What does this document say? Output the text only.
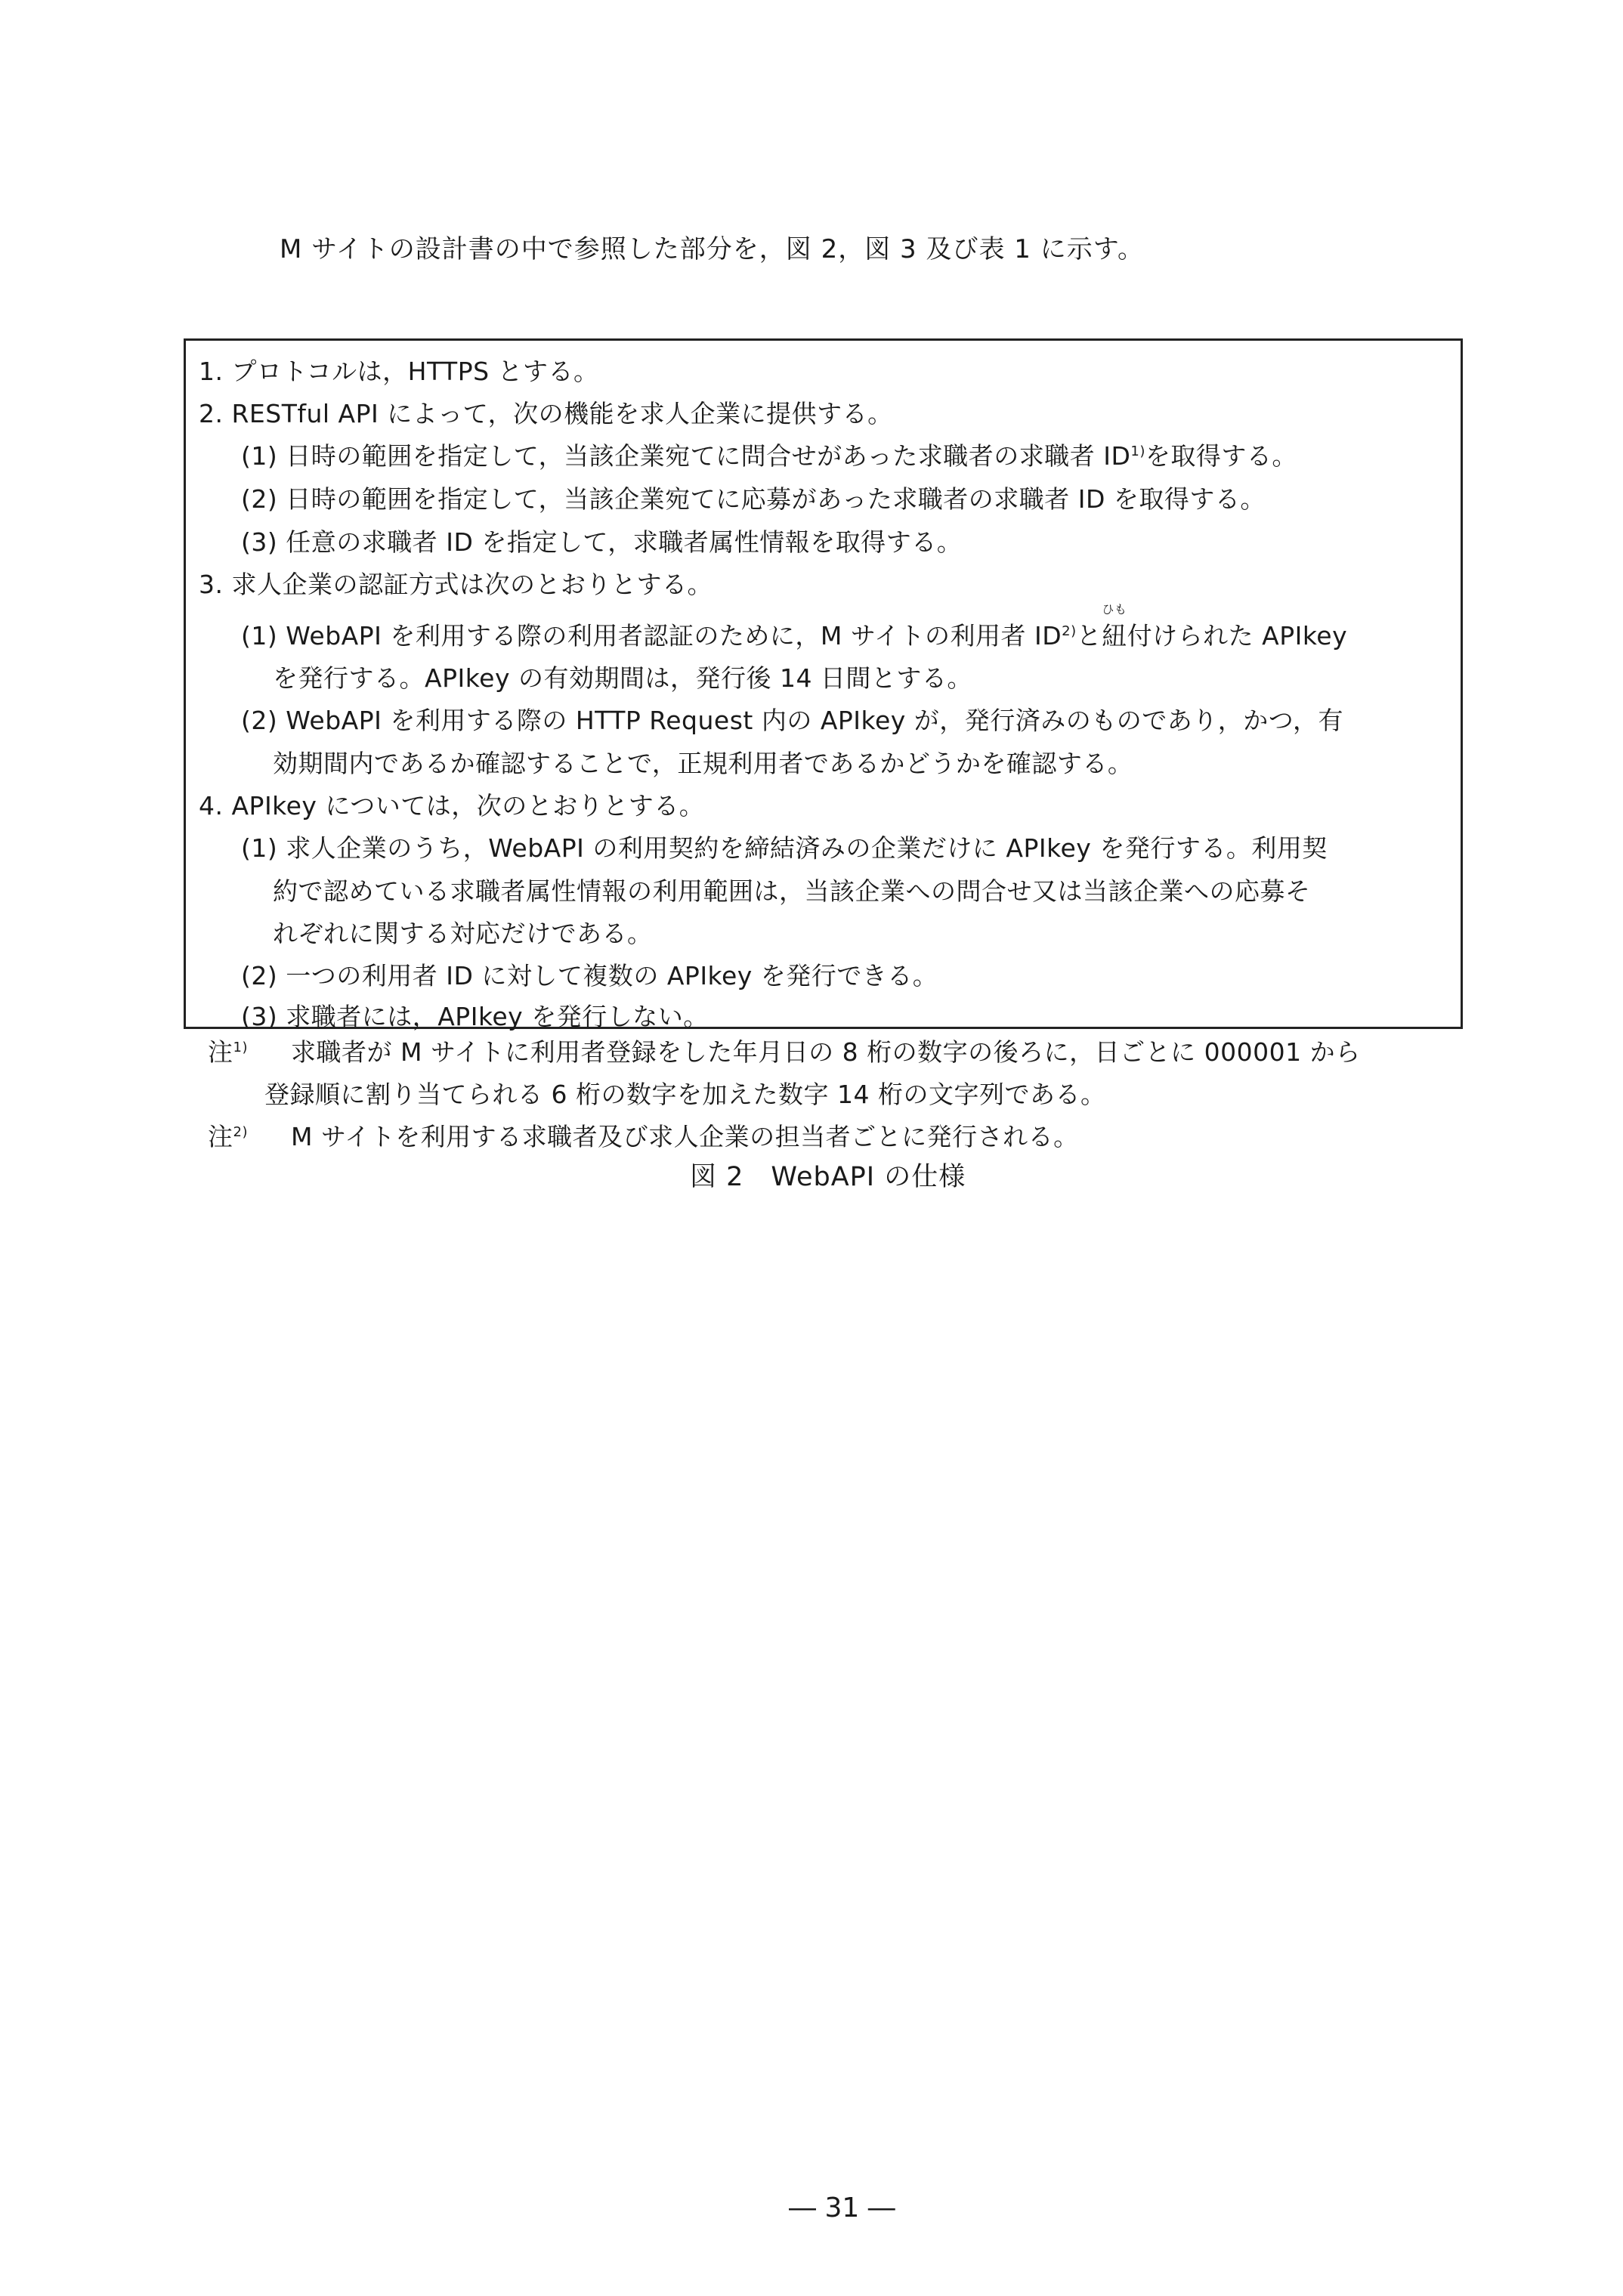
M サイトの設計書の中で参照した部分を，図 2，図 3 及び表 1 に示す。
1. プロトコルは，HTTPS とする。
2. RESTful API によって，次の機能を求人企業に提供する。
(1) 日時の範囲を指定して，当該企業宛てに問合せがあった求職者の求職者 ID$^{1)}$を取得する。
(2) 日時の範囲を指定して，当該企業宛てに応募があった求職者の求職者 ID を取得する。
(3) 任意の求職者 ID を指定して，求職者属性情報を取得する。
3. 求人企業の認証方式は次のとおりとする。
(1) WebAPI を利用する際の利用者認証のために，M サイトの利用者 ID$^{2)}$と
ひも
紐付けられた APIkey
を発行する。APIkey の有効期間は，発行後 14 日間とする。
(2) WebAPI を利用する際の HTTP Request 内の APIkey が，発行済みのものであり，かつ，有
効期間内であるか確認することで，正規利用者であるかどうかを確認する。
4. APIkey については，次のとおりとする。
(1) 求人企業のうち，WebAPI の利用契約を締結済みの企業だけに APIkey を発行する。利用契
約で認めている求職者属性情報の利用範囲は，当該企業への問合せ又は当該企業への応募そ
れぞれに関する対応だけである。
(2) 一つの利用者 ID に対して複数の APIkey を発行できる。
(3) 求職者には，APIkey を発行しない。
注$^{1)}$ 求職者が M サイトに利用者登録をした年月日の 8 桁の数字の後ろに，日ごとに 000001 から
登録順に割り当てられる 6 桁の数字を加えた数字 14 桁の文字列である。
注$^{2)}$ M サイトを利用する求職者及び求人企業の担当者ごとに発行される。
図 2　WebAPI の仕様
― 31 ―
